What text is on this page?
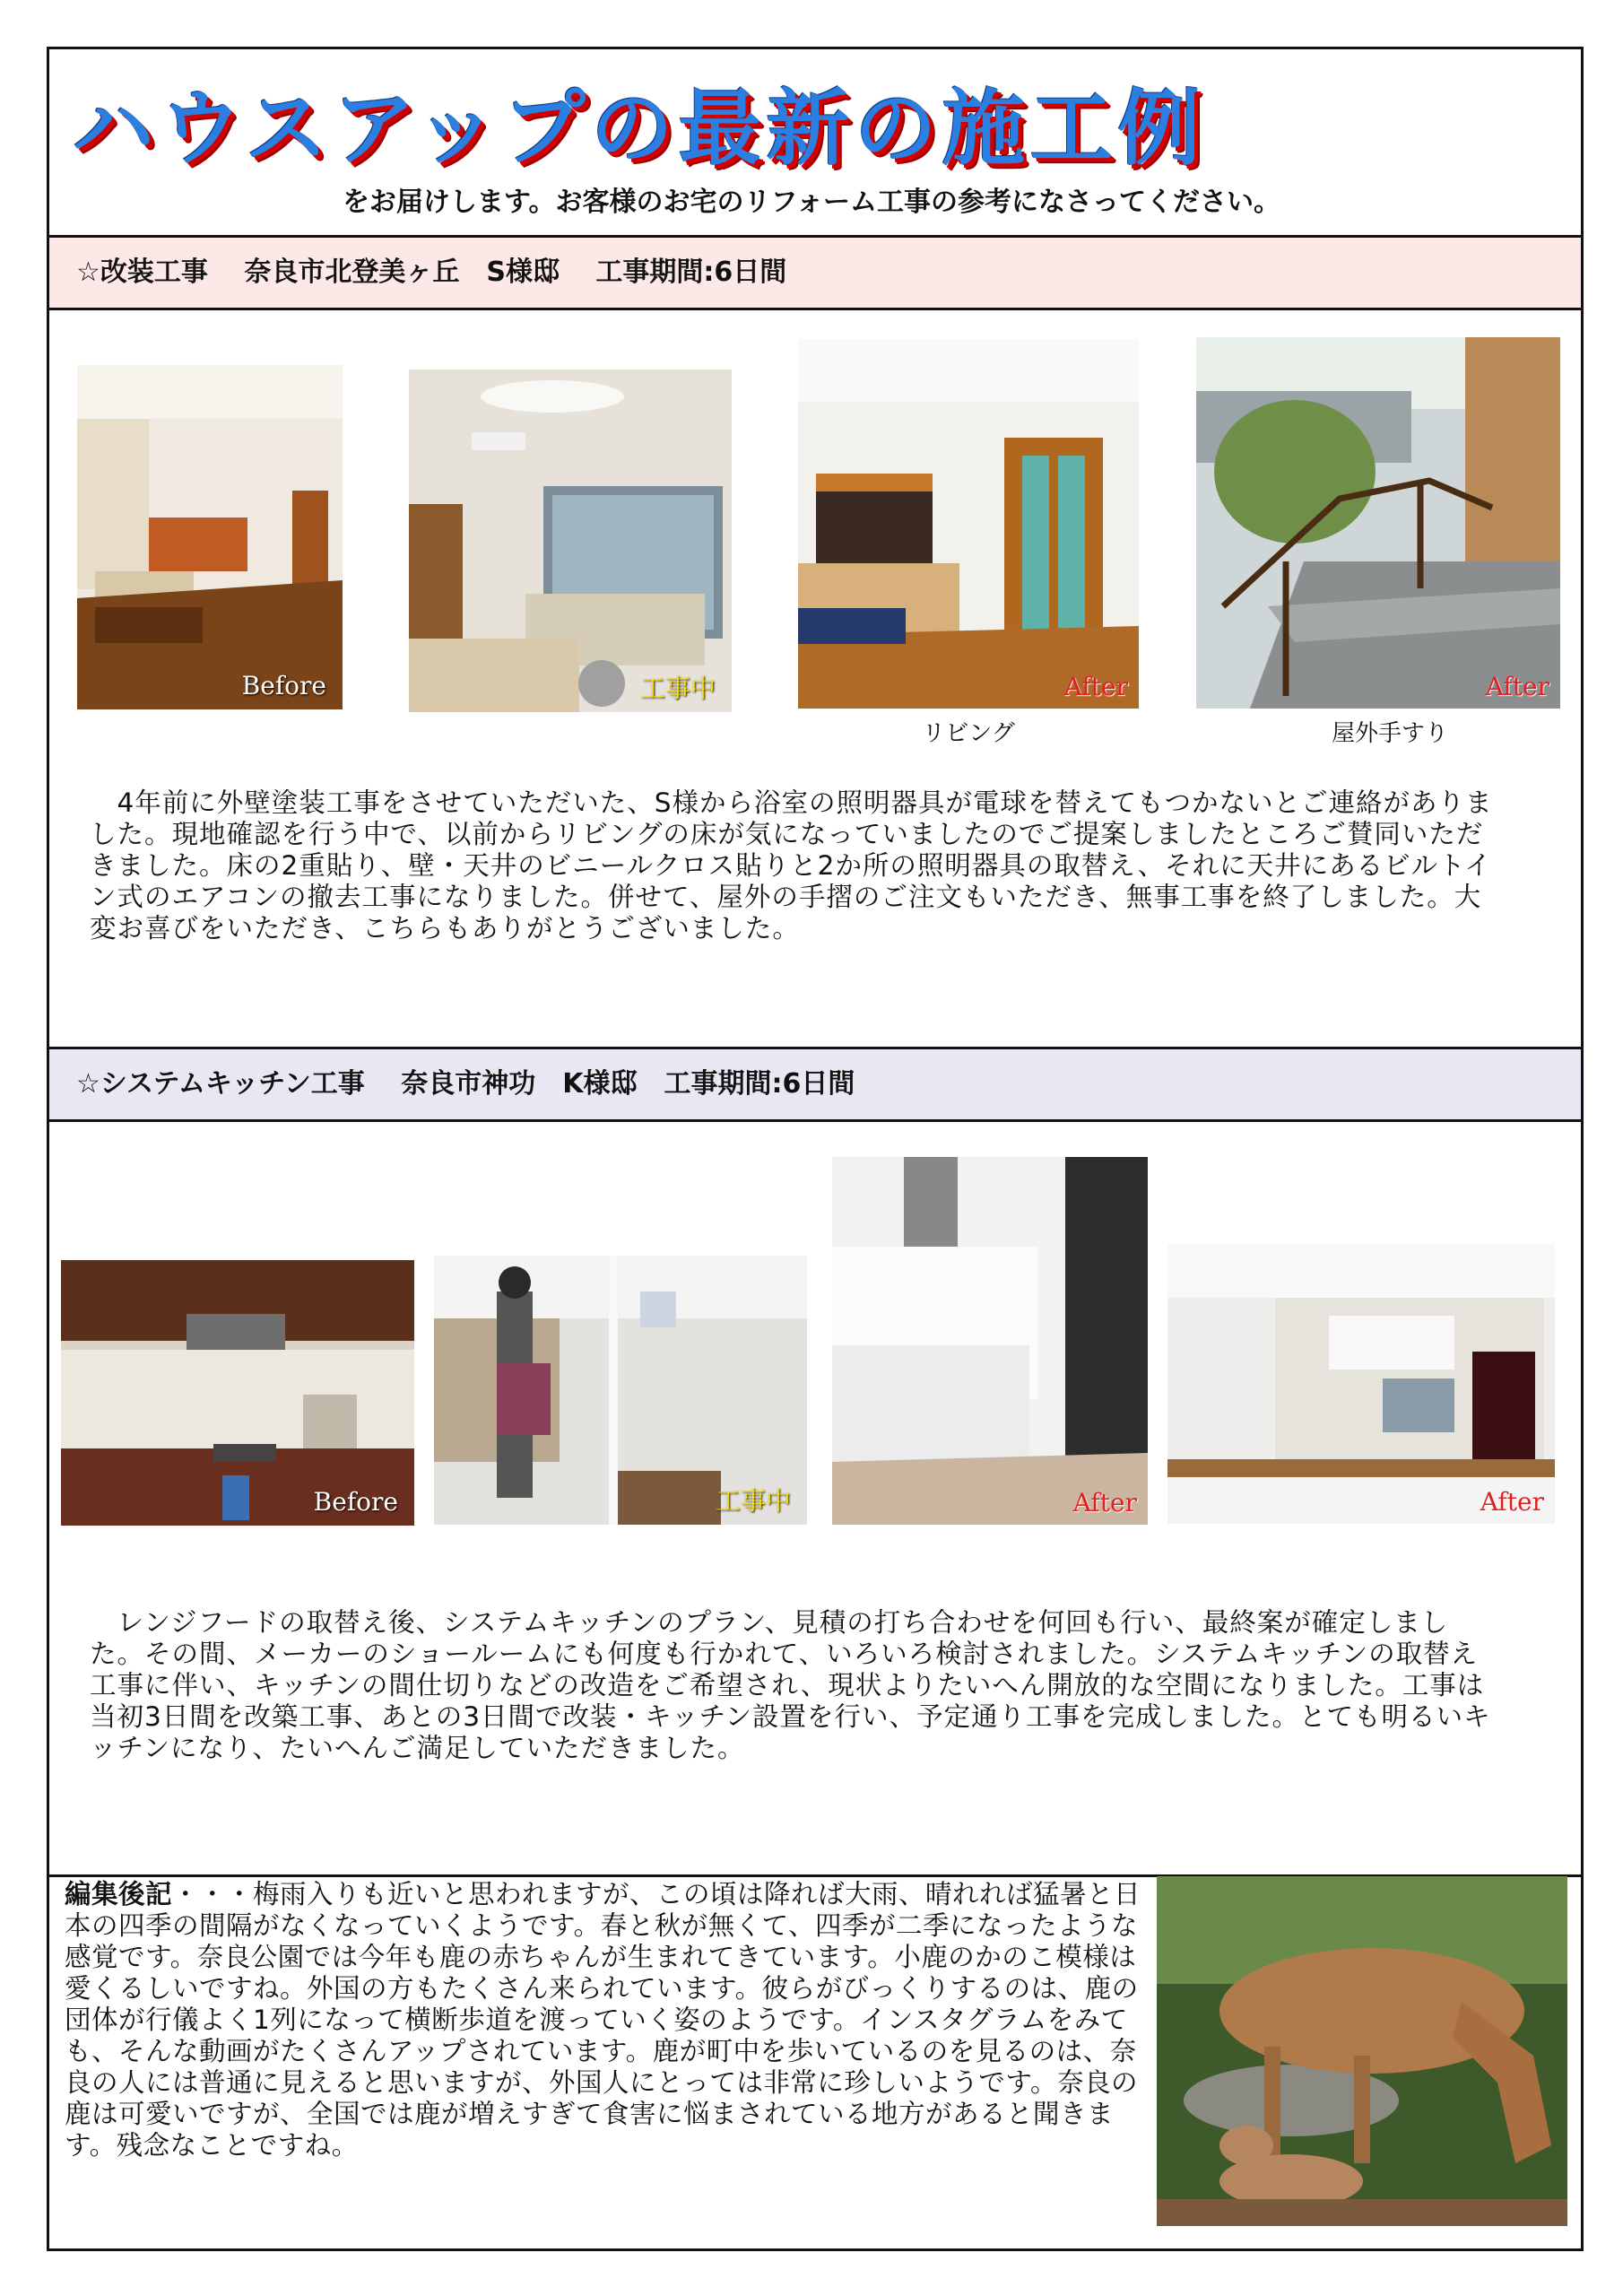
ハウスアップの最新の施工例
をお届けします。お客様のお宅のリフォーム工事の参考になさってください。
☆改装工事　 奈良市北登美ヶ丘　S様邸　 工事期間:6日間
Before	工事中	After
リビング
After
屋外手すり
　4年前に外壁塗装工事をさせていただいた、S様から浴室の照明器具が電球を替えてもつかないとご連絡がありました。現地確認を行う中で、以前からリビングの床が気になっていましたのでご提案しましたところご賛同いただきました。床の2重貼り、壁・天井のビニールクロス貼りと2か所の照明器具の取替え、それに天井にあるビルトイン式のエアコンの撤去工事になりました。併せて、屋外の手摺のご注文もいただき、無事工事を終了しました。大変お喜びをいただき、こちらもありがとうございました。
☆システムキッチン工事　 奈良市神功　K様邸　工事期間:6日間
Before	工事中	After	After
　レンジフードの取替え後、システムキッチンのプラン、見積の打ち合わせを何回も行い、最終案が確定しました。その間、メーカーのショールームにも何度も行かれて、いろいろ検討されました。システムキッチンの取替え工事に伴い、キッチンの間仕切りなどの改造をご希望され、現状よりたいへん開放的な空間になりました。工事は当初3日間を改築工事、あとの3日間で改装・キッチン設置を行い、予定通り工事を完成しました。とても明るいキッチンになり、たいへんご満足していただきました。
編集後記・・・梅雨入りも近いと思われますが、この頃は降れば大雨、晴れれば猛暑と日本の四季の間隔がなくなっていくようです。春と秋が無くて、四季が二季になったような感覚です。奈良公園では今年も鹿の赤ちゃんが生まれてきています。小鹿のかのこ模様は愛くるしいですね。外国の方もたくさん来られています。彼らがびっくりするのは、鹿の団体が行儀よく1列になって横断歩道を渡っていく姿のようです。インスタグラムをみても、そんな動画がたくさんアップされています。鹿が町中を歩いているのを見るのは、奈良の人には普通に見えると思いますが、外国人にとっては非常に珍しいようです。奈良の鹿は可愛いですが、全国では鹿が増えすぎて食害に悩まされている地方があると聞きます。残念なことですね。
